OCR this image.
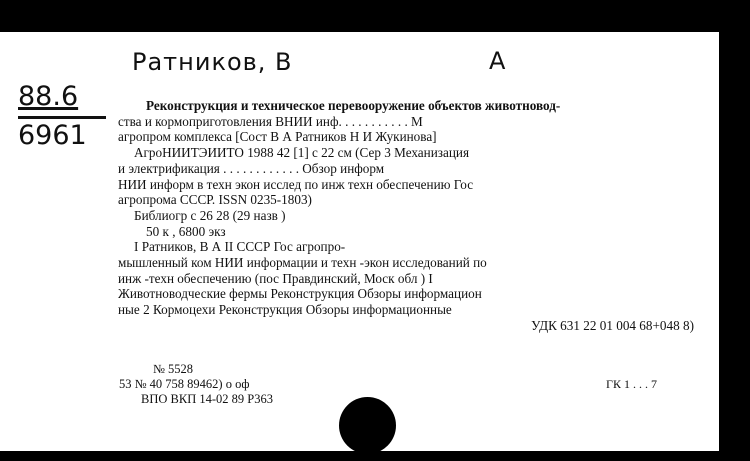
Ратников, В	А
88.6
6961
Реконструкция и техническое перевооружение объектов животновод-
ства и кормоприготовления ВНИИ инф. . . . . . . . . . . М
агропром комплекса [Сост В А Ратников Н И Жукинова]
АгроНИИТЭИИТО 1988 42 [1] с 22 см (Сер 3 Механизация
и электрификация . . . . . . . . . . . . Обзор информ
НИИ информ в техн экон исслед по инж техн обеспечению Гос
агропрома СССР. ISSN 0235-1803)
Библиогр с 26 28 (29 назв )
50 к , 6800 экз
I Ратников, В А II СССР Гос агропро-
мышленный ком НИИ информации и техн -экон исследований по
инж -техн обеспечению (пос Правдинский, Моск обл ) I
Животноводческие фермы Реконструкция Обзоры информацион
ные 2 Кормоцехи Реконструкция Обзоры информационные
УДК 631 22 01 004 68+048 8)
№ 5528
53 № 40 758 89462) о оф
ВПО ВКП 14-02 89 Р363
ГК 1 . . . 7
